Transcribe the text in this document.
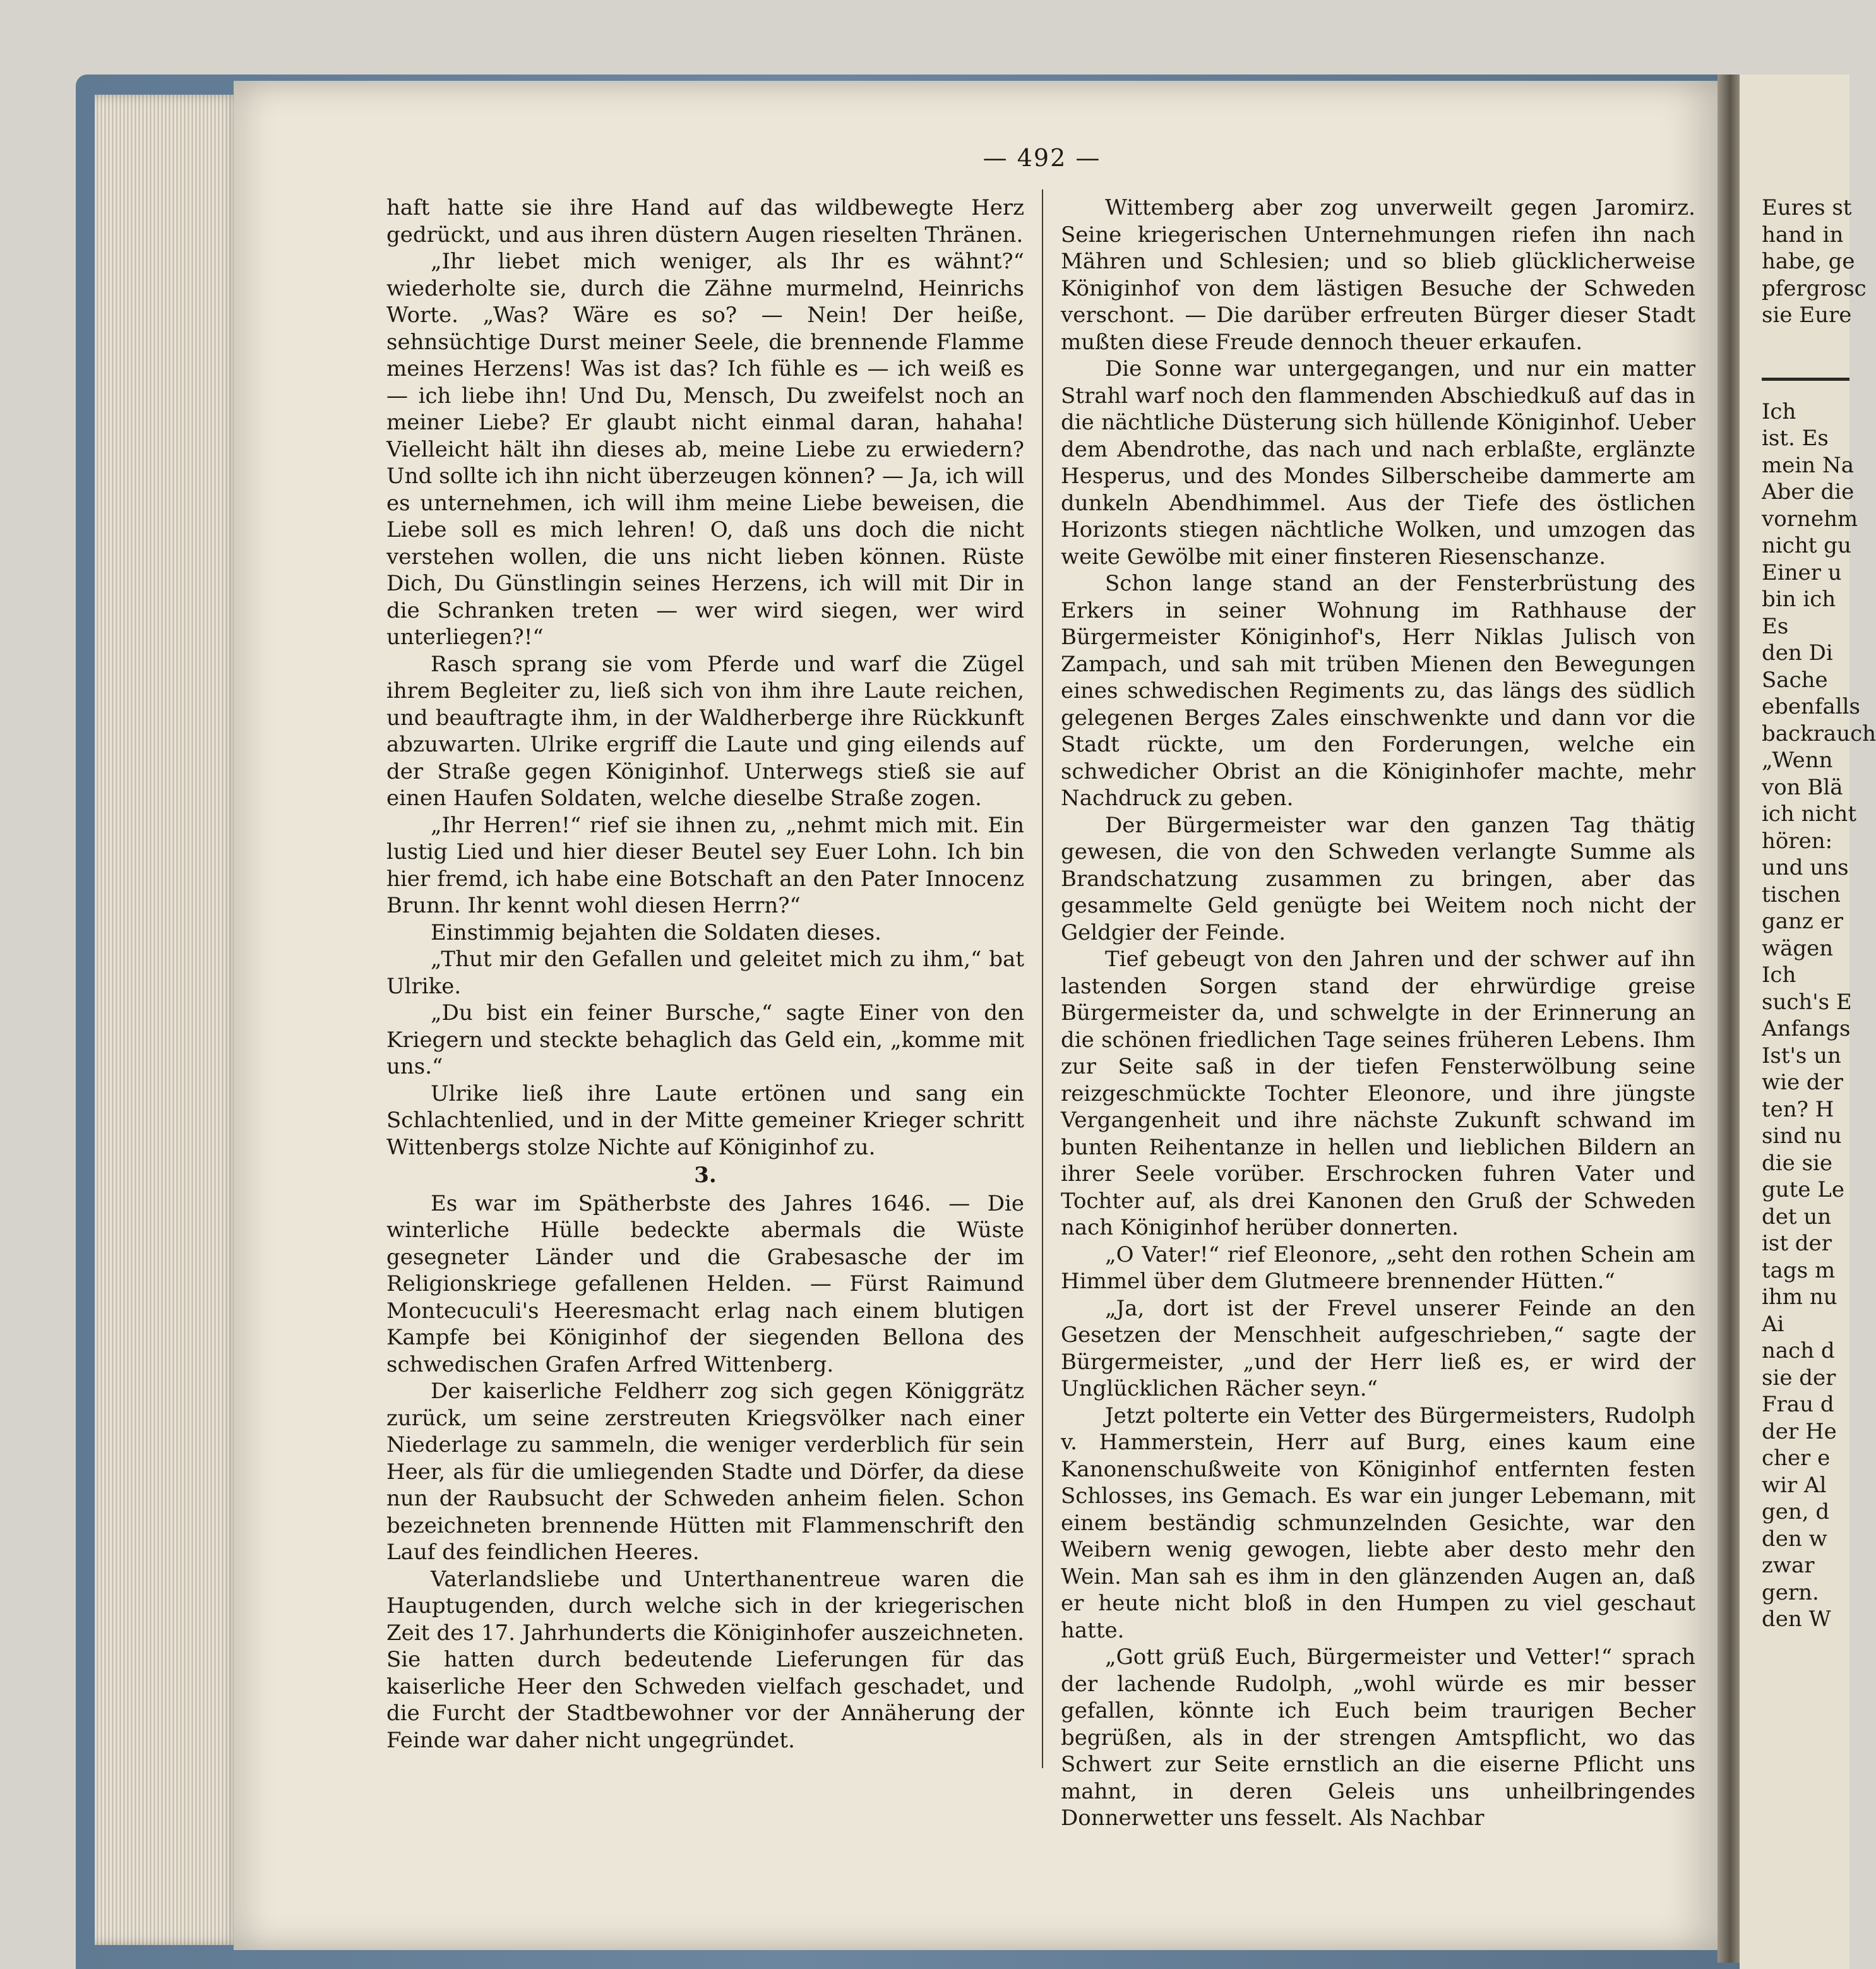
— 492 —

haft hatte sie ihre Hand auf das wildbewegte Herz gedrückt, und aus ihren düstern Augen rieselten Thränen.

„Ihr liebet mich weniger, als Ihr es wähnt?“ wiederholte sie, durch die Zähne murmelnd, Heinrichs Worte. „Was? Wäre es so? — Nein! Der heiße, sehnsüchtige Durst meiner Seele, die brennende Flamme meines Herzens! Was ist das? Ich fühle es — ich weiß es — ich liebe ihn! Und Du, Mensch, Du zweifelst noch an meiner Liebe? Er glaubt nicht einmal daran, hahaha! Vielleicht hält ihn dieses ab, meine Liebe zu erwiedern? Und sollte ich ihn nicht überzeugen können? — Ja, ich will es unternehmen, ich will ihm meine Liebe beweisen, die Liebe soll es mich lehren! O, daß uns doch die nicht verstehen wollen, die uns nicht lieben können. Rüste Dich, Du Günstlingin seines Herzens, ich will mit Dir in die Schranken treten — wer wird siegen, wer wird unterliegen?!“

Rasch sprang sie vom Pferde und warf die Zügel ihrem Begleiter zu, ließ sich von ihm ihre Laute reichen, und beauftragte ihm, in der Waldherberge ihre Rückkunft abzuwarten. Ulrike ergriff die Laute und ging eilends auf der Straße gegen Königinhof. Unterwegs stieß sie auf einen Haufen Soldaten, welche dieselbe Straße zogen.

„Ihr Herren!“ rief sie ihnen zu, „nehmt mich mit. Ein lustig Lied und hier dieser Beutel sey Euer Lohn. Ich bin hier fremd, ich habe eine Botschaft an den Pater Innocenz Brunn. Ihr kennt wohl diesen Herrn?“

Einstimmig bejahten die Soldaten dieses.

„Thut mir den Gefallen und geleitet mich zu ihm,“ bat Ulrike.

„Du bist ein feiner Bursche,“ sagte Einer von den Kriegern und steckte behaglich das Geld ein, „komme mit uns.“

Ulrike ließ ihre Laute ertönen und sang ein Schlachtenlied, und in der Mitte gemeiner Krieger schritt Wittenbergs stolze Nichte auf Königinhof zu.

3.

Es war im Spätherbste des Jahres 1646. — Die winterliche Hülle bedeckte abermals die Wüste gesegneter Länder und die Grabesasche der im Religionskriege gefallenen Helden. — Fürst Raimund Montecuculi's Heeresmacht erlag nach einem blutigen Kampfe bei Königinhof der siegenden Bellona des schwedischen Grafen Arfred Wittenberg.

Der kaiserliche Feldherr zog sich gegen Königgrätz zurück, um seine zerstreuten Kriegsvölker nach einer Niederlage zu sammeln, die weniger verderblich für sein Heer, als für die umliegenden Stadte und Dörfer, da diese nun der Raubsucht der Schweden anheim fielen. Schon bezeichneten brennende Hütten mit Flammenschrift den Lauf des feindlichen Heeres.

Vaterlandsliebe und Unterthanentreue waren die Hauptugenden, durch welche sich in der kriegerischen Zeit des 17. Jahrhunderts die Königinhofer auszeichneten. Sie hatten durch bedeutende Lieferungen für das kaiserliche Heer den Schweden vielfach geschadet, und die Furcht der Stadtbewohner vor der Annäherung der Feinde war daher nicht ungegründet.

Wittemberg aber zog unverweilt gegen Jaromirz. Seine kriegerischen Unternehmungen riefen ihn nach Mähren und Schlesien; und so blieb glücklicherweise Königinhof von dem lästigen Besuche der Schweden verschont. — Die darüber erfreuten Bürger dieser Stadt mußten diese Freude dennoch theuer erkaufen.

Die Sonne war untergegangen, und nur ein matter Strahl warf noch den flammenden Abschiedkuß auf das in die nächtliche Düsterung sich hüllende Königinhof. Ueber dem Abendrothe, das nach und nach erblaßte, erglänzte Hesperus, und des Mondes Silberscheibe dammerte am dunkeln Abendhimmel. Aus der Tiefe des östlichen Horizonts stiegen nächtliche Wolken, und umzogen das weite Gewölbe mit einer finsteren Riesenschanze.

Schon lange stand an der Fensterbrüstung des Erkers in seiner Wohnung im Rathhause der Bürgermeister Königinhof's, Herr Niklas Julisch von Zampach, und sah mit trüben Mienen den Bewegungen eines schwedischen Regiments zu, das längs des südlich gelegenen Berges Zales einschwenkte und dann vor die Stadt rückte, um den Forderungen, welche ein schwedicher Obrist an die Königinhofer machte, mehr Nachdruck zu geben.

Der Bürgermeister war den ganzen Tag thätig gewesen, die von den Schweden verlangte Summe als Brandschatzung zusammen zu bringen, aber das gesammelte Geld genügte bei Weitem noch nicht der Geldgier der Feinde.

Tief gebeugt von den Jahren und der schwer auf ihn lastenden Sorgen stand der ehrwürdige greise Bürgermeister da, und schwelgte in der Erinnerung an die schönen friedlichen Tage seines früheren Lebens. Ihm zur Seite saß in der tiefen Fensterwölbung seine reizgeschmückte Tochter Eleonore, und ihre jüngste Vergangenheit und ihre nächste Zukunft schwand im bunten Reihentanze in hellen und lieblichen Bildern an ihrer Seele vorüber. Erschrocken fuhren Vater und Tochter auf, als drei Kanonen den Gruß der Schweden nach Königinhof herüber donnerten.

„O Vater!“ rief Eleonore, „seht den rothen Schein am Himmel über dem Glutmeere brennender Hütten.“

„Ja, dort ist der Frevel unserer Feinde an den Gesetzen der Menschheit aufgeschrieben,“ sagte der Bürgermeister, „und der Herr ließ es, er wird der Unglücklichen Rächer seyn.“

Jetzt polterte ein Vetter des Bürgermeisters, Rudolph v. Hammerstein, Herr auf Burg, eines kaum eine Kanonenschußweite von Königinhof entfernten festen Schlosses, ins Gemach. Es war ein junger Lebemann, mit einem beständig schmunzelnden Gesichte, war den Weibern wenig gewogen, liebte aber desto mehr den Wein. Man sah es ihm in den glänzenden Augen an, daß er heute nicht bloß in den Humpen zu viel geschaut hatte.

„Gott grüß Euch, Bürgermeister und Vetter!“ sprach der lachende Rudolph, „wohl würde es mir besser gefallen, könnte ich Euch beim traurigen Becher begrüßen, als in der strengen Amtspflicht, wo das Schwert zur Seite ernstlich an die eiserne Pflicht uns mahnt, in deren Geleis uns unheilbringendes Donnerwetter uns fesselt. Als Nachbar

Eures st

hand in

habe, ge

pfergrosc

sie Eure

Ich

ist. Es

mein Na

Aber die

vornehm

nicht gu

Einer u

bin ich

Es

den Di

Sache

ebenfalls

backrauch

„Wenn

von Blä

ich nicht

hören:

und uns

tischen

ganz er

wägen

Ich

such's E

Anfangs

Ist's un

wie der

ten? H

sind nu

die sie

gute Le

det un

ist der

tags m

ihm nu

Ai

nach d

sie der

Frau d

der He

cher e

wir Al

gen, d

den w

zwar

gern.

den W
